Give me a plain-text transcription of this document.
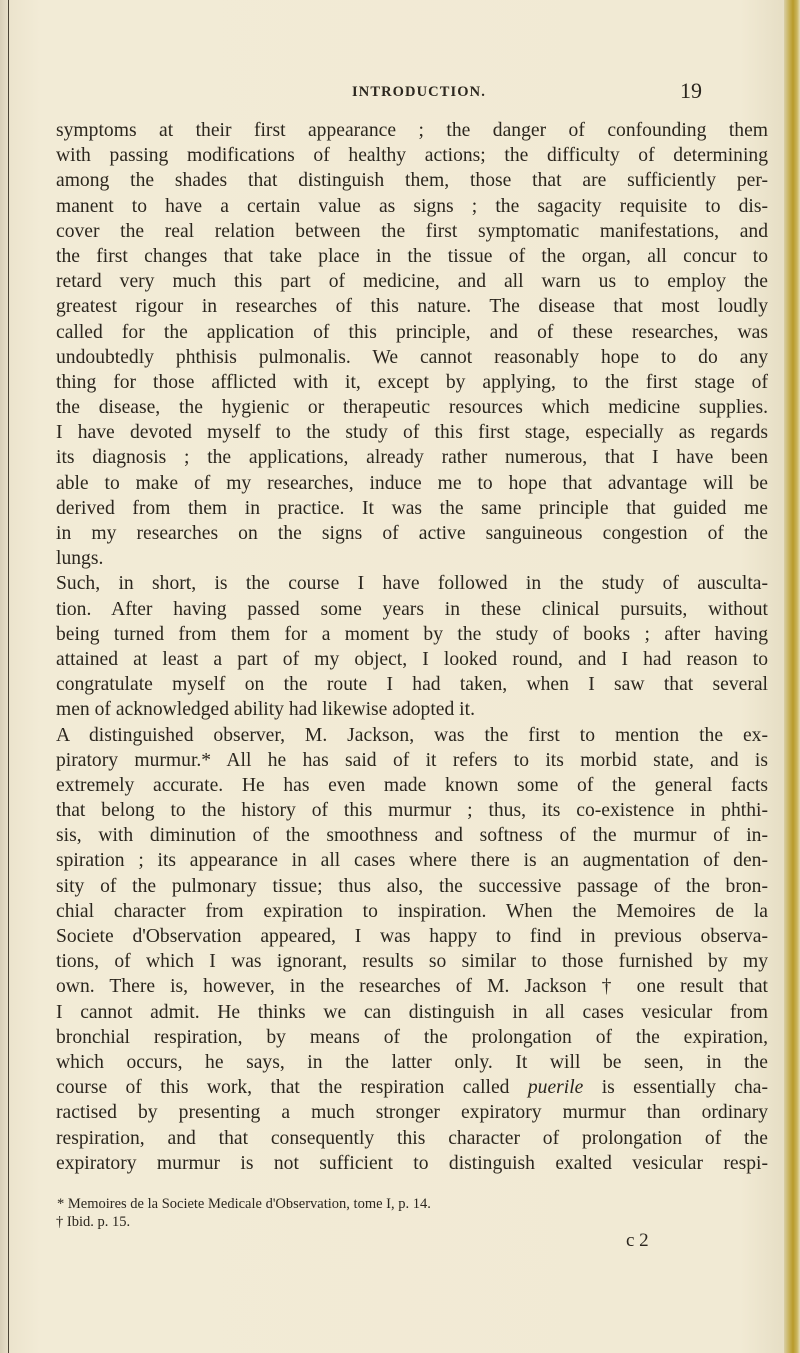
INTRODUCTION.	19
symptoms at their first appearance ; the danger of confounding them
with passing modifications of healthy actions; the difficulty of determining
among the shades that distinguish them, those that are sufficiently per-
manent to have a certain value as signs ; the sagacity requisite to dis-
cover the real relation between the first symptomatic manifestations, and
the first changes that take place in the tissue of the organ, all concur to
retard very much this part of medicine, and all warn us to employ the
greatest rigour in researches of this nature. The disease that most loudly
called for the application of this principle, and of these researches, was
undoubtedly phthisis pulmonalis. We cannot reasonably hope to do any
thing for those afflicted with it, except by applying, to the first stage of
the disease, the hygienic or therapeutic resources which medicine supplies.
I have devoted myself to the study of this first stage, especially as regards
its diagnosis ; the applications, already rather numerous, that I have been
able to make of my researches, induce me to hope that advantage will be
derived from them in practice. It was the same principle that guided me
in my researches on the signs of active sanguineous congestion of the
lungs.
Such, in short, is the course I have followed in the study of ausculta-
tion. After having passed some years in these clinical pursuits, without
being turned from them for a moment by the study of books ; after having
attained at least a part of my object, I looked round, and I had reason to
congratulate myself on the route I had taken, when I saw that several
men of acknowledged ability had likewise adopted it.
A distinguished observer, M. Jackson, was the first to mention the ex-
piratory murmur.* All he has said of it refers to its morbid state, and is
extremely accurate. He has even made known some of the general facts
that belong to the history of this murmur ; thus, its co-existence in phthi-
sis, with diminution of the smoothness and softness of the murmur of in-
spiration ; its appearance in all cases where there is an augmentation of den-
sity of the pulmonary tissue; thus also, the successive passage of the bron-
chial character from expiration to inspiration. When the Memoires de la
Societe d'Observation appeared, I was happy to find in previous observa-
tions, of which I was ignorant, results so similar to those furnished by my
own. There is, however, in the researches of M. Jackson † one result that
I cannot admit. He thinks we can distinguish in all cases vesicular from
bronchial respiration, by means of the prolongation of the expiration,
which occurs, he says, in the latter only. It will be seen, in the
course of this work, that the respiration called puerile is essentially cha-
ractised by presenting a much stronger expiratory murmur than ordinary
respiration, and that consequently this character of prolongation of the
expiratory murmur is not sufficient to distinguish exalted vesicular respi-
* Memoires de la Societe Medicale d'Observation, tome I, p. 14.
† Ibid. p. 15.
c 2
